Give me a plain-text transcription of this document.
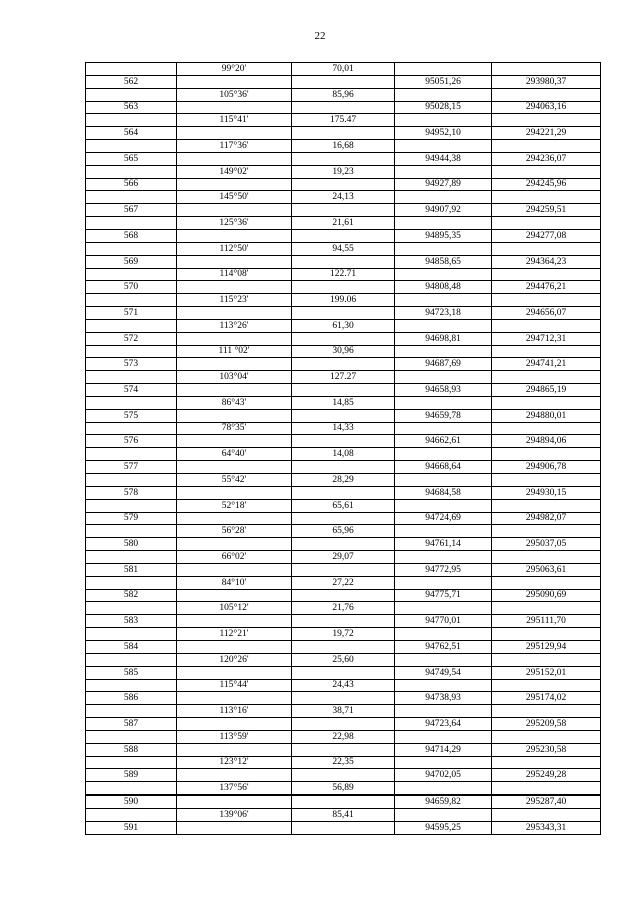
22
	99°20'	70,01		
562			95051,26	293980,37
	105°36'	85,96		
563			95028,15	294063,16
	115°41'	175.47		
564			94952,10	294221,29
	117°36'	16,68		
565			94944,38	294236,07
	149°02'	19,23		
566			94927,89	294245,96
	145°50'	24,13		
567			94907,92	294259,51
	125°36'	21,61		
568			94895,35	294277,08
	112°50'	94,55		
569			94858,65	294364,23
	114°08'	122.71		
570			94808,48	294476,21
	115°23'	199.06		
571			94723,18	294656,07
	113°26'	61,30		
572			94698,81	294712,31
	111 °02'	30,96		
573			94687,69	294741,21
	103°04'	127.27		
574			94658,93	294865,19
	86°43'	14,85		
575			94659,78	294880,01
	78°35'	14,33		
576			94662,61	294894,06
	64°40'	14,08		
577			94668,64	294906,78
	55°42'	28,29		
578			94684,58	294930,15
	52°18'	65,61		
579			94724,69	294982,07
	56°28'	65,96		
580			94761,14	295037,05
	66°02'	29,07		
581			94772,95	295063,61
	84°10'	27,22		
582			94775,71	295090,69
	105°12'	21,76		
583			94770,01	295111,70
	112°21'	19,72		
584			94762,51	295129,94
	120°26'	25,60		
585			94749,54	295152,01
	115°44'	24,43		
586			94738,93	295174,02
	113°16'	38,71		
587			94723,64	295209,58
	113°59'	22,98		
588			94714,29	295230,58
	123°12'	22,35		
589			94702,05	295249,28
	137°56'	56,89		
590			94659,82	295287,40
	139°06'	85,41		
591			94595,25	295343,31
